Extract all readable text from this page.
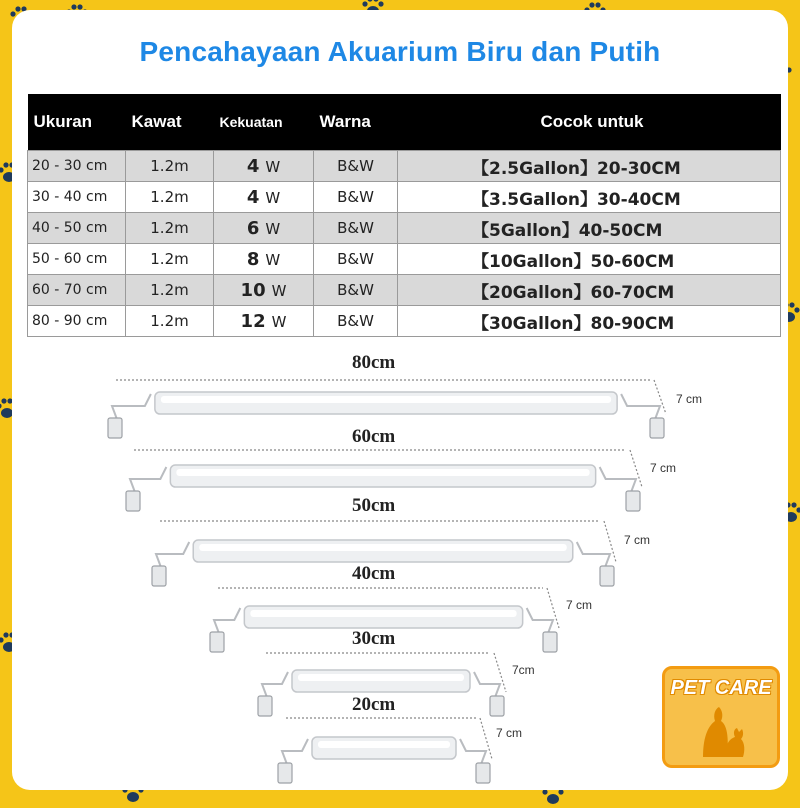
Pencahayaan Akuarium Biru dan Putih
Ukuran	Kawat	Kekuatan	Warna	Cocok untuk
20 - 30 cm	1.2m	4 W	B&W	【2.5Gallon】20-30CM
30 - 40 cm	1.2m	4 W	B&W	【3.5Gallon】30-40CM
40 - 50 cm	1.2m	6 W	B&W	【5Gallon】40-50CM
50 - 60 cm	1.2m	8 W	B&W	【10Gallon】50-60CM
60 - 70 cm	1.2m	10 W	B&W	【20Gallon】60-70CM
80 - 90 cm	1.2m	12 W	B&W	【30Gallon】80-90CM
80cm
7 cm
60cm
7 cm
50cm
7 cm
40cm
7 cm
30cm
7cm
20cm
7 cm
PET CARE
